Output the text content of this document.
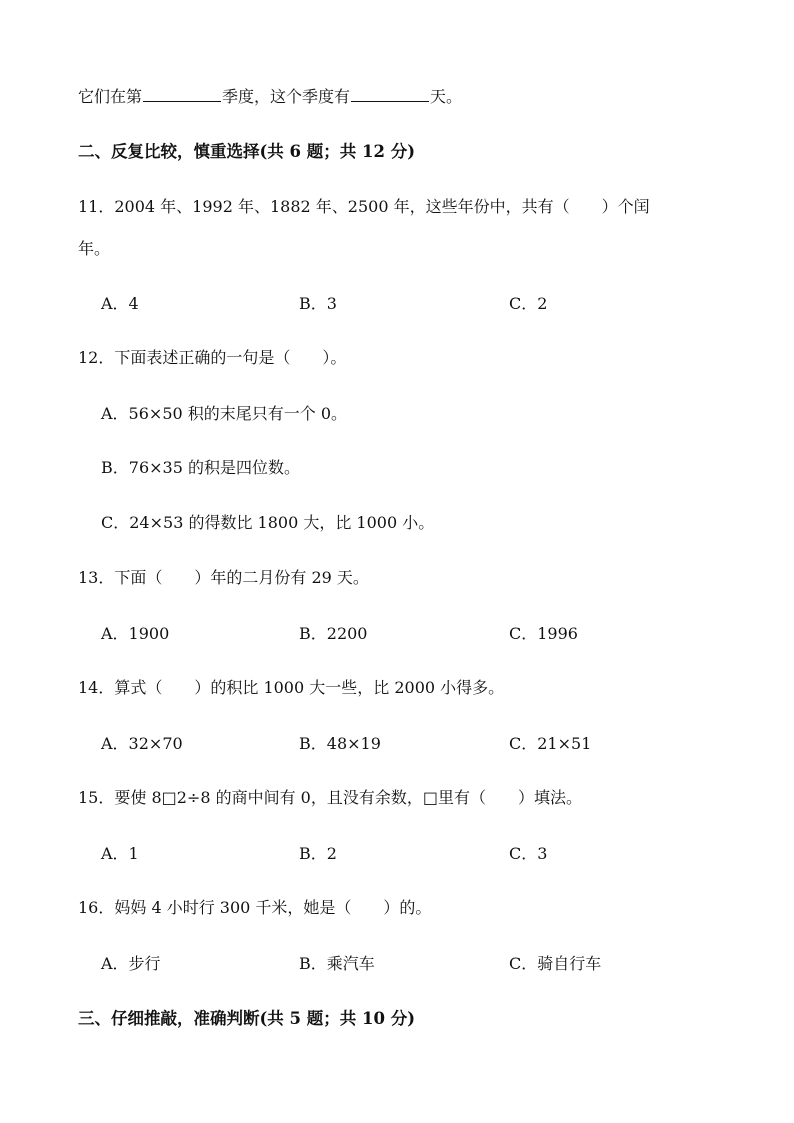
它们在第	季度，这个季度有	天。
二、反复比较，慎重选择(共 6 题；共 12 分)
11．2004 年、1992 年、1882 年、2500 年，这些年份中，共有（　　）个闰
年。
A．4	B．3	C．2
12．下面表述正确的一句是（　　）。
A．56×50 积的末尾只有一个 0。
B．76×35 的积是四位数。
C．24×53 的得数比 1800 大，比 1000 小。
13．下面（　　）年的二月份有 29 天。
A．1900	B．2200	C．1996
14．算式（　　）的积比 1000 大一些，比 2000 小得多。
A．32×70	B．48×19	C．21×51
15．要使 8□2÷8 的商中间有 0，且没有余数，□里有（　　）填法。
A．1	B．2	C．3
16．妈妈 4 小时行 300 千米，她是（　　）的。
A．步行	B．乘汽车	C．骑自行车
三、仔细推敲，准确判断(共 5 题；共 10 分)
